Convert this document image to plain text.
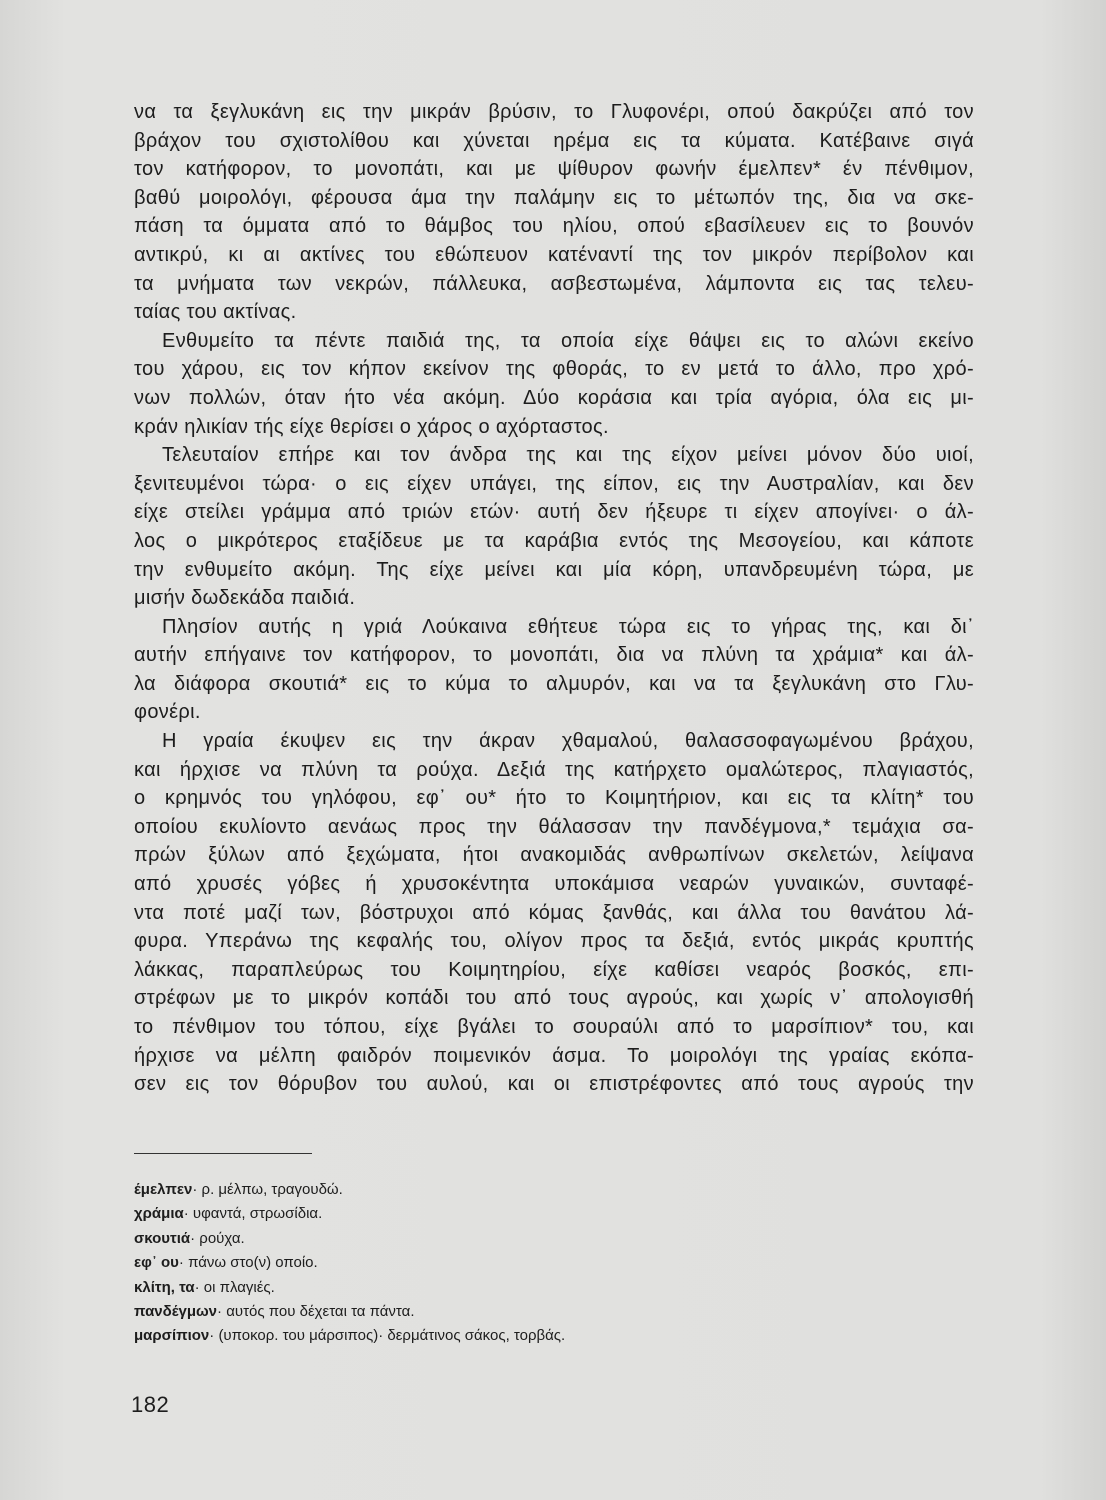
να τα ξεγλυκάνη εις την μικράν βρύσιν, το Γλυφονέρι, οπού δακρύζει από τον
βράχον του σχιστολίθου και χύνεται ηρέμα εις τα κύματα. Κατέβαινε σιγά
τον κατήφορον, το μονοπάτι, και με ψίθυρον φωνήν έμελπεν* έν πένθιμον,
βαθύ μοιρολόγι, φέρουσα άμα την παλάμην εις το μέτωπόν της, δια να σκε-
πάση τα όμματα από το θάμβος του ηλίου, οπού εβασίλευεν εις το βουνόν
αντικρύ, κι αι ακτίνες του εθώπευον κατέναντί της τον μικρόν περίβολον και
τα μνήματα των νεκρών, πάλλευκα, ασβεστωμένα, λάμποντα εις τας τελευ-
ταίας του ακτίνας.
Ενθυμείτο τα πέντε παιδιά της, τα οποία είχε θάψει εις το αλώνι εκείνο
του χάρου, εις τον κήπον εκείνον της φθοράς, το εν μετά το άλλο, προ χρό-
νων πολλών, όταν ήτο νέα ακόμη. Δύο κοράσια και τρία αγόρια, όλα εις μι-
κράν ηλικίαν τής είχε θερίσει ο χάρος ο αχόρταστος.
Τελευταίον επήρε και τον άνδρα της και της είχον μείνει μόνον δύο υιοί,
ξενιτευμένοι τώρα· ο εις είχεν υπάγει, της είπον, εις την Αυστραλίαν, και δεν
είχε στείλει γράμμα από τριών ετών· αυτή δεν ήξευρε τι είχεν απογίνει· ο άλ-
λος ο μικρότερος εταξίδευε με τα καράβια εντός της Μεσογείου, και κάποτε
την ενθυμείτο ακόμη. Της είχε μείνει και μία κόρη, υπανδρευμένη τώρα, με
μισήν δωδεκάδα παιδιά.
Πλησίον αυτής η γριά Λούκαινα εθήτευε τώρα εις το γήρας της, και δι᾽
αυτήν επήγαινε τον κατήφορον, το μονοπάτι, δια να πλύνη τα χράμια* και άλ-
λα διάφορα σκουτιά* εις το κύμα το αλμυρόν, και να τα ξεγλυκάνη στο Γλυ-
φονέρι.
Η γραία έκυψεν εις την άκραν χθαμαλού, θαλασσοφαγωμένου βράχου,
και ήρχισε να πλύνη τα ρούχα. Δεξιά της κατήρχετο ομαλώτερος, πλαγιαστός,
ο κρημνός του γηλόφου, εφ᾽ ου* ήτο το Κοιμητήριον, και εις τα κλίτη* του
οποίου εκυλίοντο αενάως προς την θάλασσαν την πανδέγμονα,* τεμάχια σα-
πρών ξύλων από ξεχώματα, ήτοι ανακομιδάς ανθρωπίνων σκελετών, λείψανα
από χρυσές γόβες ή χρυσοκέντητα υποκάμισα νεαρών γυναικών, συνταφέ-
ντα ποτέ μαζί των, βόστρυχοι από κόμας ξανθάς, και άλλα του θανάτου λά-
φυρα. Υπεράνω της κεφαλής του, ολίγον προς τα δεξιά, εντός μικράς κρυπτής
λάκκας, παραπλεύρως του Κοιμητηρίου, είχε καθίσει νεαρός βοσκός, επι-
στρέφων με το μικρόν κοπάδι του από τους αγρούς, και χωρίς ν᾽ απολογισθή
το πένθιμον του τόπου, είχε βγάλει το σουραύλι από το μαρσίπιον* του, και
ήρχισε να μέλπη φαιδρόν ποιμενικόν άσμα. Το μοιρολόγι της γραίας εκόπα-
σεν εις τον θόρυβον του αυλού, και οι επιστρέφοντες από τους αγρούς την
έμελπεν· ρ. μέλπω, τραγουδώ.
χράμια· υφαντά, στρωσίδια.
σκουτιά· ρούχα.
εφ᾽ ου· πάνω στο(ν) οποίο.
κλίτη, τα· οι πλαγιές.
πανδέγμων· αυτός που δέχεται τα πάντα.
μαρσίπιον· (υποκορ. του μάρσιπος)· δερμάτινος σάκος, τορβάς.
182
